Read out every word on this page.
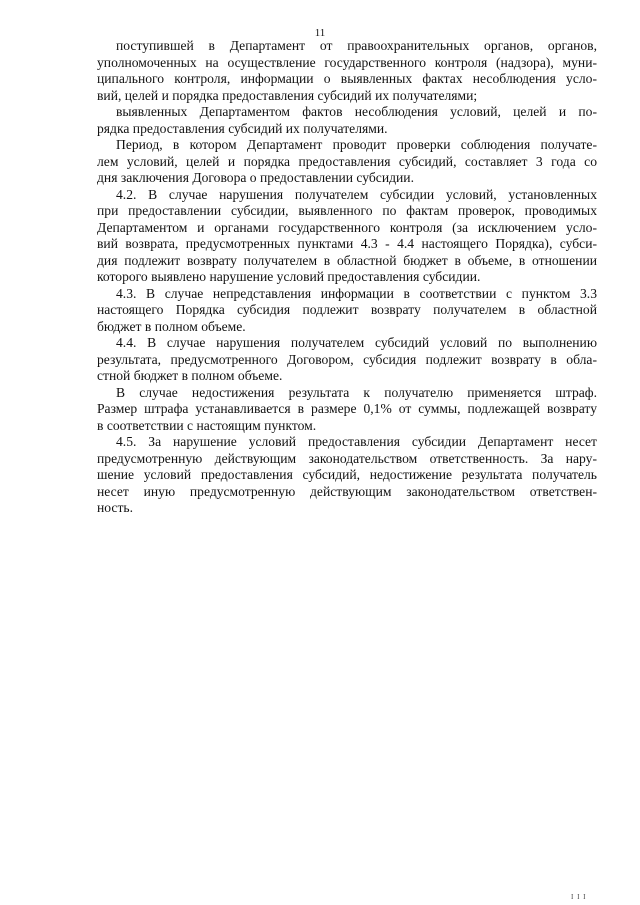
11
поступившей в Департамент от правоохранительных органов, органов,
уполномоченных на осуществление государственного контроля (надзора), муни-
ципального контроля, информации о выявленных фактах несоблюдения усло-
вий, целей и порядка предоставления субсидий их получателями;
выявленных Департаментом фактов несоблюдения условий, целей и по-
рядка предоставления субсидий их получателями.
Период, в котором Департамент проводит проверки соблюдения получате-
лем условий, целей и порядка предоставления субсидий, составляет 3 года со
дня заключения Договора о предоставлении субсидии.
4.2. В случае нарушения получателем субсидии условий, установленных
при предоставлении субсидии, выявленного по фактам проверок, проводимых
Департаментом и органами государственного контроля (за исключением усло-
вий возврата, предусмотренных пунктами 4.3 - 4.4 настоящего Порядка), субси-
дия подлежит возврату получателем в областной бюджет в объеме, в отношении
которого выявлено нарушение условий предоставления субсидии.
4.3. В случае непредставления информации в соответствии с пунктом 3.3
настоящего Порядка субсидия подлежит возврату получателем в областной
бюджет в полном объеме.
4.4. В случае нарушения получателем субсидий условий по выполнению
результата, предусмотренного Договором, субсидия подлежит возврату в обла-
стной бюджет в полном объеме.
В случае недостижения результата к получателю применяется штраф.
Размер штрафа устанавливается в размере 0,1% от суммы, подлежащей возврату
в соответствии с настоящим пунктом.
4.5. За нарушение условий предоставления субсидии Департамент несет
предусмотренную действующим законодательством ответственность. За нару-
шение условий предоставления субсидий, недостижение результата получатель
несет иную предусмотренную действующим законодательством ответствен-
ность.
I I I
